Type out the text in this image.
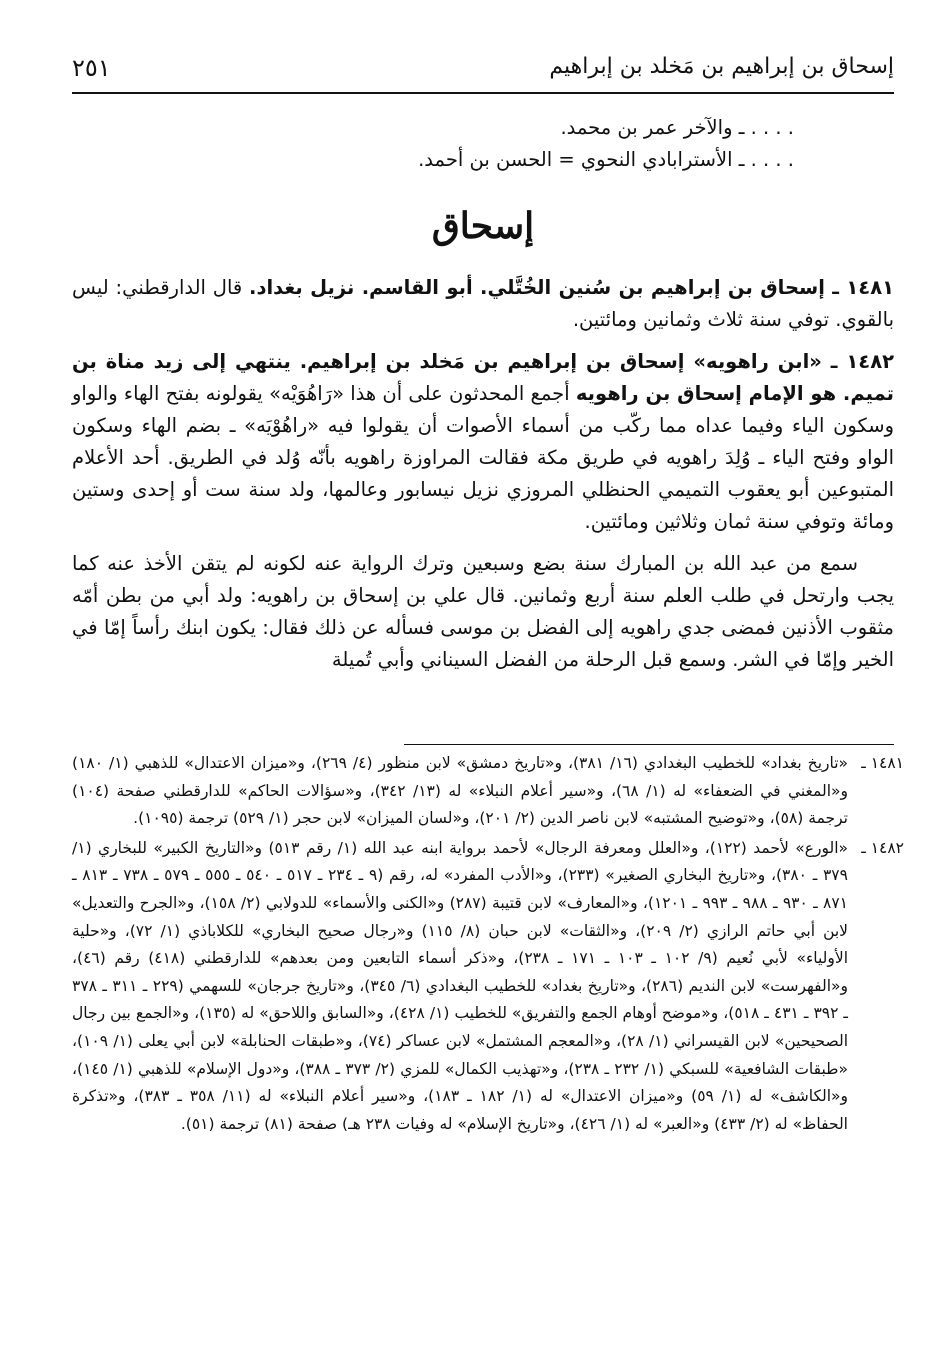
إسحاق بن إبراهيم بن مَخلد بن إبراهيم
٢٥١
. . . . ـ والآخر عمر بن محمد.
. . . . ـ الأسترابادي النحوي = الحسن بن أحمد.
إسحاق

١٤٨١ ـ إسحاق بن إبراهيم بن سُنين الخُتَّلي. أبو القاسم. نزيل بغداد. قال الدارقطني: ليس بالقوي. توفي سنة ثلاث وثمانين ومائتين.

١٤٨٢ ـ «ابن راهويه» إسحاق بن إبراهيم بن مَخلد بن إبراهيم. ينتهي إلى زيد مناة بن تميم. هو الإمام إسحاق بن راهويه أجمع المحدثون على أن هذا «رَاهُوَيْه» يقولونه بفتح الهاء والواو وسكون الياء وفيما عداه مما ركّب من أسماء الأصوات أن يقولوا فيه «راهُوْيَه» ـ بضم الهاء وسكون الواو وفتح الياء ـ وُلِدَ راهويه في طريق مكة فقالت المراوزة راهويه بأنّه وُلد في الطريق. أحد الأعلام المتبوعين أبو يعقوب التميمي الحنظلي المروزي نزيل نيسابور وعالمها، ولد سنة ست أو إحدى وستين ومائة وتوفي سنة ثمان وثلاثين ومائتين.

سمع من عبد الله بن المبارك سنة بضع وسبعين وترك الرواية عنه لكونه لم يتقن الأخذ عنه كما يجب وارتحل في طلب العلم سنة أربع وثمانين. قال علي بن إسحاق بن راهويه: ولد أبي من بطن أمّه مثقوب الأذنين فمضى جدي راهويه إلى الفضل بن موسى فسأله عن ذلك فقال: يكون ابنك رأساً إمّا في الخير وإمّا في الشر. وسمع قبل الرحلة من الفضل السيناني وأبي تُميلة

١٤٨١ ـ
«تاريخ بغداد» للخطيب البغدادي (١٦/ ٣٨١)، و«تاريخ دمشق» لابن منظور (٤/ ٢٦٩)، و«ميزان الاعتدال» للذهبي (١/ ١٨٠) و«المغني في الضعفاء» له (١/ ٦٨)، و«سير أعلام النبلاء» له (١٣/ ٣٤٢)، و«سؤالات الحاكم» للدارقطني صفحة (١٠٤) ترجمة (٥٨)، و«توضيح المشتبه» لابن ناصر الدين (٢/ ٢٠١)، و«لسان الميزان» لابن حجر (١/ ٥٢٩) ترجمة (١٠٩٥).
١٤٨٢ ـ
«الورع» لأحمد (١٢٢)، و«العلل ومعرفة الرجال» لأحمد برواية ابنه عبد الله (١/ رقم ٥١٣) و«التاريخ الكبير» للبخاري (١/ ٣٧٩ ـ ٣٨٠)، و«تاريخ البخاري الصغير» (٢٣٣)، و«الأدب المفرد» له، رقم (٩ ـ ٢٣٤ ـ ٥١٧ ـ ٥٤٠ ـ ٥٥٥ ـ ٥٧٩ ـ ٧٣٨ ـ ٨١٣ ـ ٨٧١ ـ ٩٣٠ ـ ٩٨٨ ـ ٩٩٣ ـ ١٢٠١)، و«المعارف» لابن قتيبة (٢٨٧) و«الكنى والأسماء» للدولابي (٢/ ١٥٨)، و«الجرح والتعديل» لابن أبي حاتم الرازي (٢/ ٢٠٩)، و«الثقات» لابن حبان (٨/ ١١٥) و«رجال صحيح البخاري» للكلاباذي (١/ ٧٢)، و«حلية الأولياء» لأبي نُعيم (٩/ ١٠٢ ـ ١٠٣ ـ ١٧١ ـ ٢٣٨)، و«ذكر أسماء التابعين ومن بعدهم» للدارقطني (٤١٨) رقم (٤٦)، و«الفهرست» لابن النديم (٢٨٦)، و«تاريخ بغداد» للخطيب البغدادي (٦/ ٣٤٥)، و«تاريخ جرجان» للسهمي (٢٢٩ ـ ٣١١ ـ ٣٧٨ ـ ٣٩٢ ـ ٤٣١ ـ ٥١٨)، و«موضح أوهام الجمع والتفريق» للخطيب (١/ ٤٢٨)، و«السابق واللاحق» له (١٣٥)، و«الجمع بين رجال الصحيحين» لابن القيسراني (١/ ٢٨)، و«المعجم المشتمل» لابن عساكر (٧٤)، و«طبقات الحنابلة» لابن أبي يعلى (١/ ١٠٩)، «طبقات الشافعية» للسبكي (١/ ٢٣٢ ـ ٢٣٨)، و«تهذيب الكمال» للمزي (٢/ ٣٧٣ ـ ٣٨٨)، و«دول الإسلام» للذهبي (١/ ١٤٥)، و«الكاشف» له (١/ ٥٩) و«ميزان الاعتدال» له (١/ ١٨٢ ـ ١٨٣)، و«سير أعلام النبلاء» له (١١/ ٣٥٨ ـ ٣٨٣)، و«تذكرة الحفاظ» له (٢/ ٤٣٣) و«العبر» له (١/ ٤٢٦)، و«تاريخ الإسلام» له وفيات ٢٣٨ هـ) صفحة (٨١) ترجمة (٥١).
